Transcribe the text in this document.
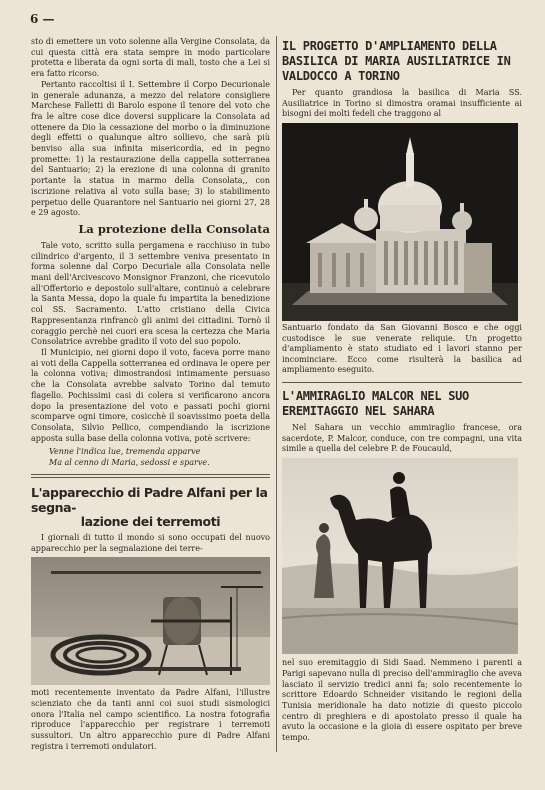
6 —

sto di emettere un voto solenne alla Vergine Consolata, da cui questa città era stata sempre in modo particolare protetta e liberata da ogni sorta di mali, tosto che a Lei si era fatto ricorso.

Pertanto raccoltisi il I. Settembre il Corpo Decurionale in generale adunanza, a mezzo del relatore consigliere Marchese Falletti di Barolo espone il tenore del voto che fra le altre cose dice doversi supplicare la Consolata ad ottenere da Dio la cessazione del morbo o la diminuzione degli effetti o qualunque altro sollievo, che sarà più benviso alla sua infinita misericordia, ed in pegno promette: 1) la restaurazione della cappella sotterranea del Santuario; 2) la erezione di una colonna di granito portante la statua in marmo della Consolata,, con iscrizione relativa al voto sulla base; 3) lo stabilimento perpetuo delle Quarantore nel Santuario nei giorni 27, 28 e 29 agosto.

La protezione della Consolata

Tale voto, scritto sulla pergamena e racchiuso in tubo cilindrico d'argento, il 3 settembre veniva presentato in forma solenne dal Corpo Decuriale alla Consolata nelle mani dell'Arcivescovo Monsignor Franzoni, che ricevutolo all'Offertorio e depostolo sull'altare, continuò a celebrare la Santa Messa, dopo la quale fu impartita la benedizione col SS. Sacramento. L'atto cristiano della Civica Rappresentanza rinfrancò gli animi dei cittadini. Tornò il coraggio perchè nei cuori era scesa la certezza che Maria Consolatrice avrebbe gradito il voto del suo popolo.

Il Municipio, nei giorni dopo il voto, faceva porre mano ai voti della Cappella sotterranea ed ordinava le opere per la colonna votiva; dimostrandosi intimamente persuaso che la Consolata avrebbe salvato Torino dal temuto flagello. Pochissimi casi di colera si verificarono ancora dopo la presentazione del voto e passati pochi giorni scomparve ogni timore, cosicchè il soavissimo poeta della Consolata, Silvio Pellico, compendiando la iscrizione apposta sulla base della colonna votiva, potè scrivere:

Venne l'indica lue, tremenda apparve
Ma al cenno di Maria, sedossi e sparve.
L'apparecchio di Padre Alfani per la segna-
lazione dei terremoti

I giornali di tutto il mondo si sono occupati del nuovo apparecchio per la segnalazione dei terre-

moti recentemente inventato da Padre Alfani, l'illustre scienziato che da tanti anni coi suoi studi sismologici onora l'Italia nel campo scientifico. La nostra fotografia riproduce l'apparecchio per registrare i terremoti sussultori. Un altro apparecchio pure di Padre Alfani registra i terremoti ondulatori.

IL PROGETTO D'AMPLIAMENTO DELLA BASILICA DI MARIA AUSILIATRICE IN VALDOCCO A TORINO

Per quanto grandiosa la basilica di Maria SS. Ausiliatrice in Torino si dimostra oramai insufficiente ai bisogni dei molti fedeli che traggono al

Santuario fondato da San Giovanni Bosco e che oggi custodisce le sue venerate reliquie. Un progetto d'ampliamento è stato studiato ed i lavori stanno per incominciare. Ecco come risulterà la basilica ad ampliamento eseguito.

L'AMMIRAGLIO MALCOR NEL SUO EREMITAGGIO NEL SAHARA

Nel Sahara un vecchio ammiraglio francese, ora sacerdote, P. Malcor, conduce, con tre compagni, una vita simile a quella del celebre P. de Foucauld,

nel suo eremitaggio di Sidi Saad. Nemmeno i parenti a Parigi sapevano nulla di preciso dell'ammiraglio che aveva lasciato il servizio tredici anni fa; solo recentemente lo scrittore Edoardo Schneider visitando le regioni della Tunisia meridionale ha dato notizie di questo piccolo centro di preghiera e di apostolato presso il quale ha avuto la occasione e la gioia di essere ospitato per breve tempo.
